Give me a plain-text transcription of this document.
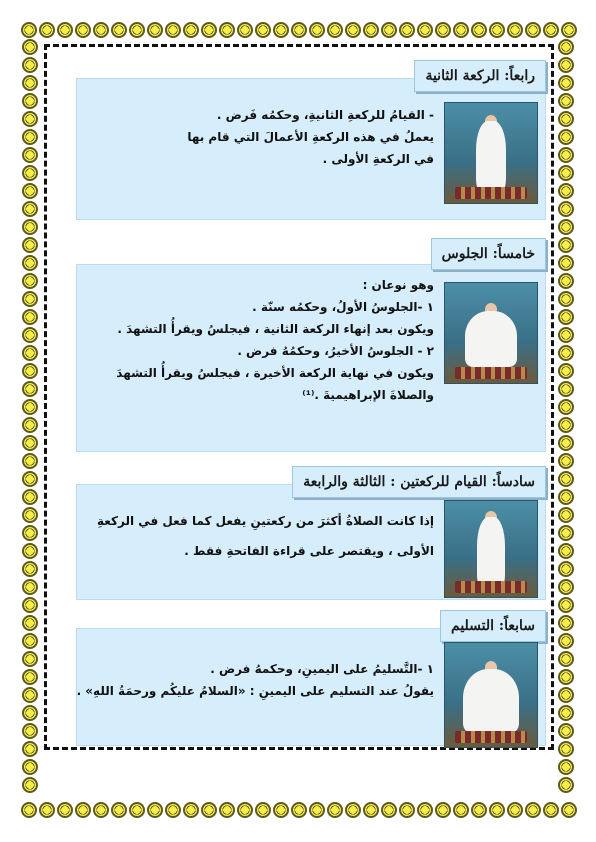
رابعاً: الركعة الثانية
- القيامُ للركعةِ الثانيةِ، وحكمُه فَرض .
يعملُ في هذه الركعةِ الأعمالَ التي قام بها
في الركعةِ الأولى .
خامساً: الجلوس
وهو نوعان :
١ -الجلوسُ الأولُ، وحكمُه سنّة .
ويكون بعد إنهاء الركعة الثانية ، فيجلسُ ويقرأُ التشهدَ .
٢ - الجلوسُ الأخيرُ، وحكمُهُ فرض .
ويكون في نهاية الركعة الأخيرة ، فيجلسُ ويقرأُ التشهدَ
والصلاةَ الإبراهيميةَ .⁽¹⁾
سادساً: القيام للركعتين : الثالثة والرابعة
إذا كانت الصلاةُ أكثرَ من ركعتينِ يفعل كما فعل في الركعةِ
الأولى ، ويقتصر على قراءة الفاتحةِ فقط .
سابعاً: التسليم
١ -التَّسليمُ على اليمينِ، وحكمهُ فرض .
يقولُ عند التسليم على اليمينِ : «السلامُ عليكُم ورحمَةُ اللهِ» .
